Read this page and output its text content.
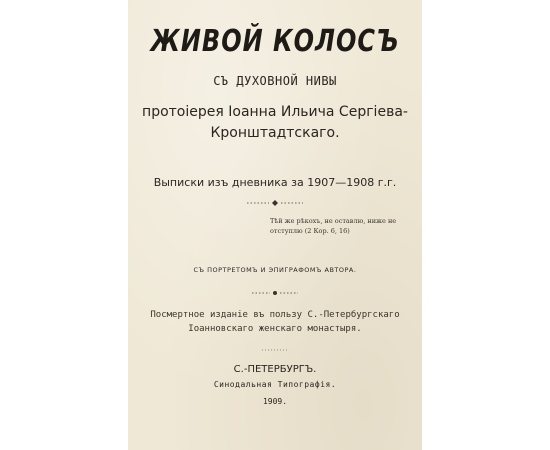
ЖИВОЙ КОЛОСЪ
СЪ ДУХОВНОЙ НИВЫ
протоіерея Іоанна Ильича Сергіева-
Кронштадтскаго.
Выписки изъ дневника за 1907—1908 г.г.
Тѣй же рѣкохъ, не оставлю, ниже не
отступлю (2 Кор. 6, 16)
СЪ ПОРТРЕТОМЪ И ЭПИГРАФОМЪ АВТОРА.
Посмертное изданіе въ пользу С.-Петербургскаго
Іоанновскаго женскаго монастыря.
С.-ПЕТЕРБУРГЪ.
Синодальная Типографія.
1909.
